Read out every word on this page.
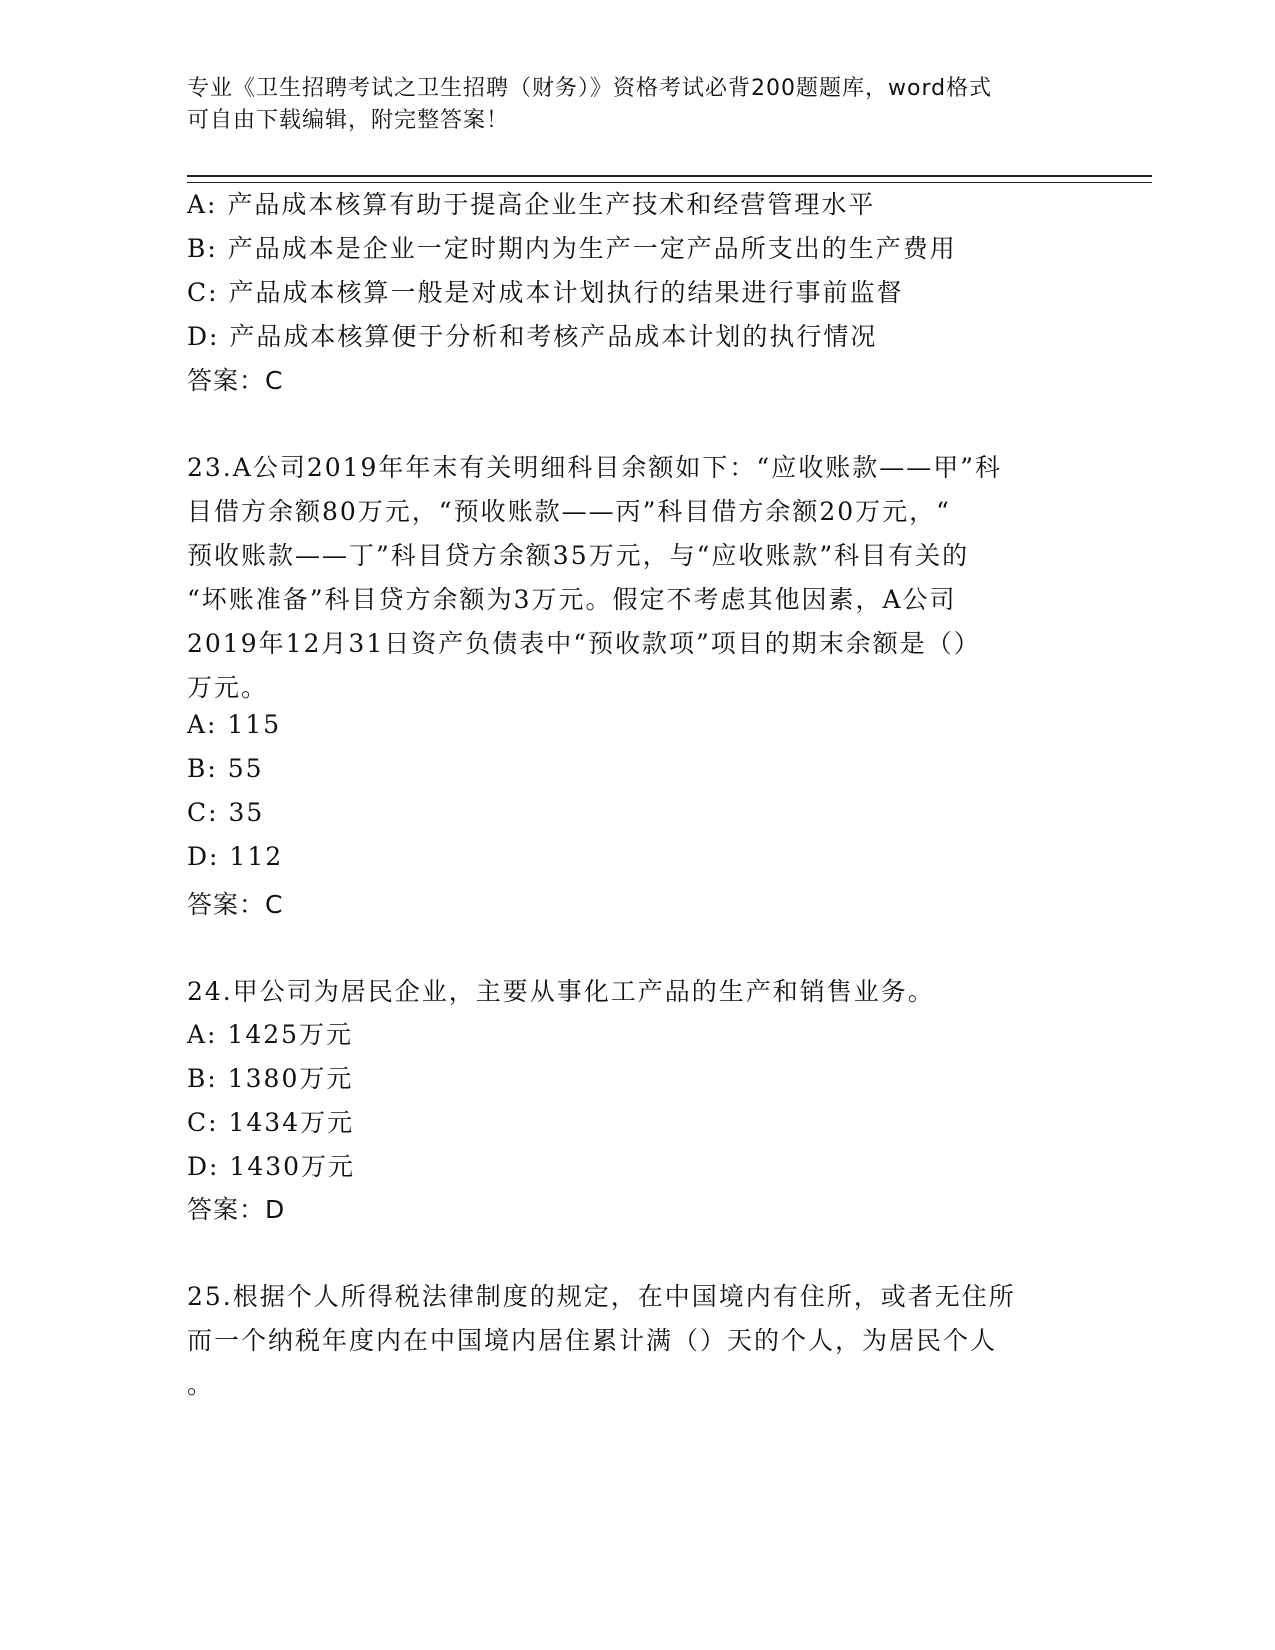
专业《卫生招聘考试之卫生招聘（财务）》资格考试必背200题题库，word格式
可自由下载编辑，附完整答案！
A: 产品成本核算有助于提高企业生产技术和经营管理水平
B: 产品成本是企业一定时期内为生产一定产品所支出的生产费用
C: 产品成本核算一般是对成本计划执行的结果进行事前监督
D: 产品成本核算便于分析和考核产品成本计划的执行情况
答案：C
23.A公司2019年年末有关明细科目余额如下：“应收账款——甲”科
目借方余额80万元，“预收账款——丙”科目借方余额20万元，“
预收账款——丁”科目贷方余额35万元，与“应收账款”科目有关的
“坏账准备”科目贷方余额为3万元。假定不考虑其他因素，A公司
2019年12月31日资产负债表中“预收款项”项目的期末余额是（）
万元。
A: 115
B: 55
C: 35
D: 112
答案：C
24.甲公司为居民企业，主要从事化工产品的生产和销售业务。
A: 1425万元
B: 1380万元
C: 1434万元
D: 1430万元
答案：D
25.根据个人所得税法律制度的规定，在中国境内有住所，或者无住所
而一个纳税年度内在中国境内居住累计满（）天的个人，为居民个人
。
